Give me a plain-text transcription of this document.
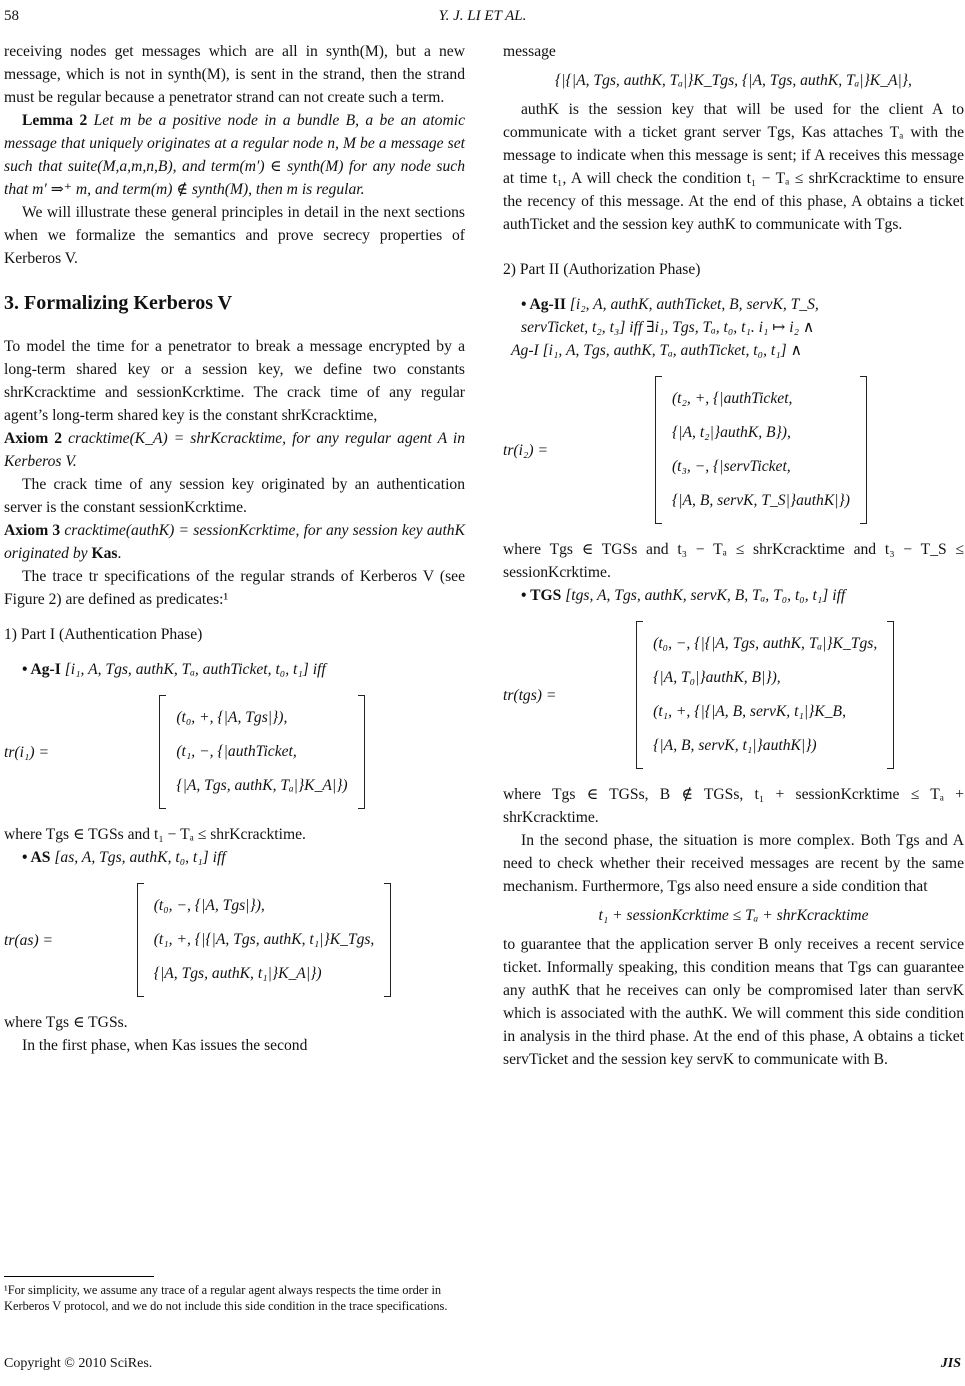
58	Y. J. LI ET AL.

receiving nodes get messages which are all in synth(M), but a new message, which is not in synth(M), is sent in the strand, then the strand must be regular because a penetrator strand can not create such a term.

Lemma 2 Let m be a positive node in a bundle B, a be an atomic message that uniquely originates at a regular node n, M be a message set such that suite(M,a,m,n,B), and term(m′) ∈ synth(M) for any node such that m′ ⇒⁺ m, and term(m) ∉ synth(M), then m is regular.

We will illustrate these general principles in detail in the next sections when we formalize the semantics and prove secrecy properties of Kerberos V.

3. Formalizing Kerberos V

To model the time for a penetrator to break a message encrypted by a long-term shared key or a session key, we define two constants shrKcracktime and sessionKcrktime. The crack time of any regular agent’s long-term shared key is the constant shrKcracktime,

Axiom 2 cracktime(K_A) = shrKcracktime, for any regular agent A in Kerberos V.

The crack time of any session key originated by an authentication server is the constant sessionKcrktime.

Axiom 3 cracktime(authK) = sessionKcrktime, for any session key authK originated by Kas.

The trace tr specifications of the regular strands of Kerberos V (see Figure 2) are defined as predicates:¹

1) Part I (Authentication Phase)

• Ag-I [i₁, A, Tgs, authK, Tₐ, authTicket, t₀, t₁] iff

tr(i₁) =
(t₀, +, {|A, Tgs|}),
(t₁, −, {|authTicket,
{|A, Tgs, authK, Tₐ|}K_A|})

where Tgs ∈ TGSs and t₁ − Tₐ ≤ shrKcracktime.

• AS [as, A, Tgs, authK, t₀, t₁] iff

tr(as) =
(t₀, −, {|A, Tgs|}),
(t₁, +, {|{|A, Tgs, authK, t₁|}K_Tgs,
{|A, Tgs, authK, t₁|}K_A|})

where Tgs ∈ TGSs.

In the first phase, when Kas issues the second

¹For simplicity, we assume any trace of a regular agent always respects the time order in Kerberos V protocol, and we do not include this side condition in the trace specifications.

message

{|{|A, Tgs, authK, Tₐ|}K_Tgs, {|A, Tgs, authK, Tₐ|}K_A|},

authK is the session key that will be used for the client A to communicate with a ticket grant server Tgs, Kas attaches Tₐ with the message to indicate when this message is sent; if A receives this message at time t₁, A will check the condition t₁ − Tₐ ≤ shrKcracktime to ensure the recency of this message. At the end of this phase, A obtains a ticket authTicket and the session key authK to communicate with Tgs.

2) Part II (Authorization Phase)

• Ag-II [i₂, A, authK, authTicket, B, servK, T_S,

servTicket, t₂, t₃] iff ∃i₁, Tgs, Tₐ, t₀, t₁. i₁ ↦ i₂ ∧

Ag-I [i₁, A, Tgs, authK, Tₐ, authTicket, t₀, t₁] ∧

tr(i₂) =
(t₂, +, {|authTicket,
{|A, t₂|}authK, B}),
(t₃, −, {|servTicket,
{|A, B, servK, T_S|}authK|})

where Tgs ∈ TGSs and t₃ − Tₐ ≤ shrKcracktime and t₃ − T_S ≤ sessionKcrktime.

• TGS [tgs, A, Tgs, authK, servK, B, Tₐ, T₀, t₀, t₁] iff

tr(tgs) =
(t₀, −, {|{|A, Tgs, authK, Tₐ|}K_Tgs,
{|A, T₀|}authK, B|}),
(t₁, +, {|{|A, B, servK, t₁|}K_B,
{|A, B, servK, t₁|}authK|})

where Tgs ∈ TGSs, B ∉ TGSs, t₁ + sessionKcrktime ≤ Tₐ + shrKcracktime.

In the second phase, the situation is more complex. Both Tgs and A need to check whether their received messages are recent by the same mechanism. Furthermore, Tgs also need ensure a side condition that

t₁ + sessionKcrktime ≤ Tₐ + shrKcracktime

to guarantee that the application server B only receives a recent service ticket. Informally speaking, this condition means that Tgs can guarantee any authK that he receives can only be compromised later than servK which is associated with the authK. We will comment this side condition in analysis in the third phase. At the end of this phase, A obtains a ticket servTicket and the session key servK to communicate with B.

Copyright © 2010 SciRes.	JIS
